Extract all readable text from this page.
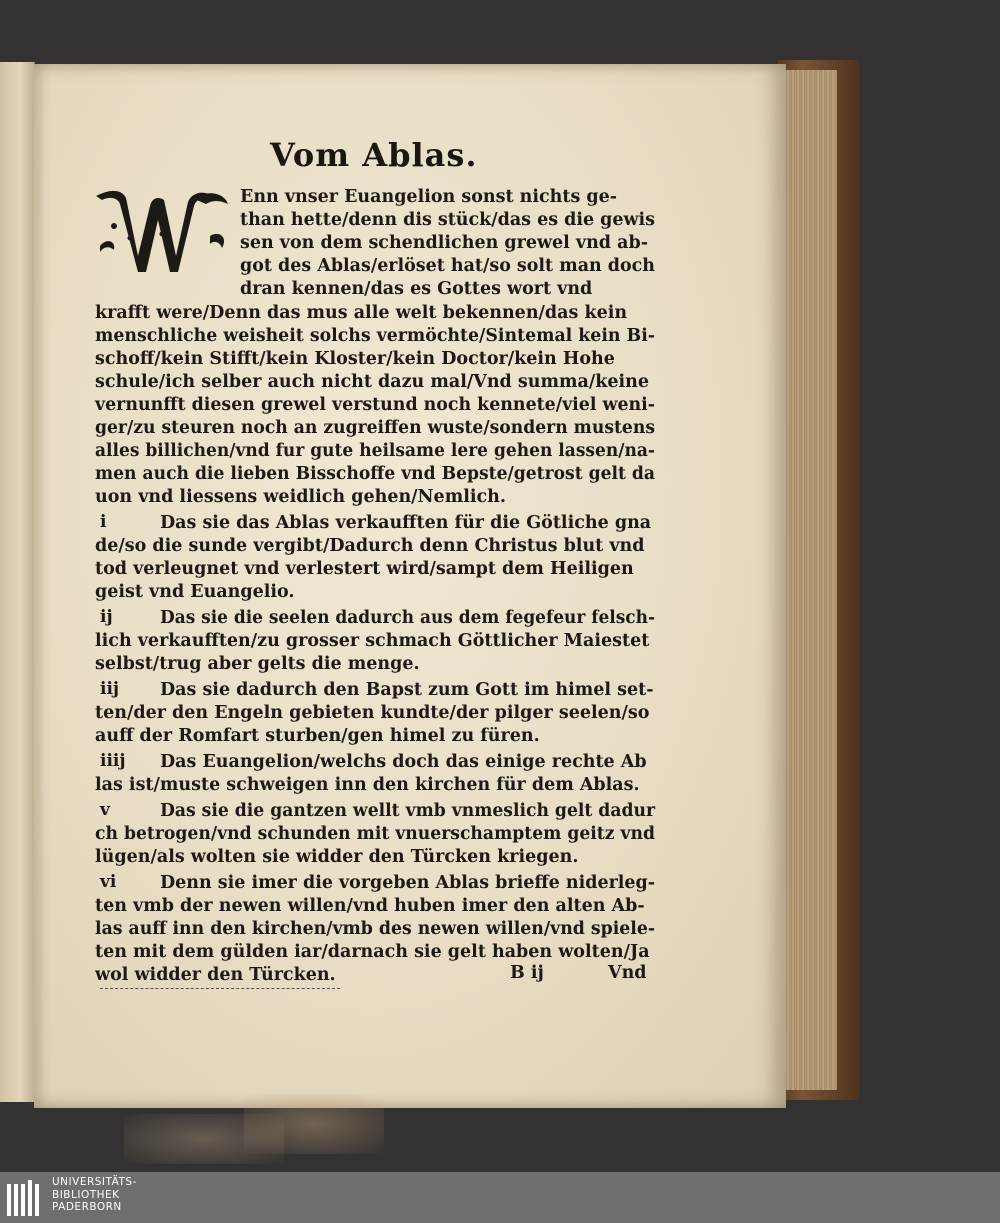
Vom Ablas.
Enn vnser Euangelion sonst nichts ge-
than hette/denn dis stück/das es die gewis
sen von dem schendlichen grewel vnd ab-
got des Ablas/erlöset hat/so solt man doch
dran kennen/das es Gottes wort vnd
krafft were/Denn das mus alle welt bekennen/das kein
menschliche weisheit solchs vermöchte/Sintemal kein Bi-
schoff/kein Stifft/kein Kloster/kein Doctor/kein Hohe
schule/ich selber auch nicht dazu mal/Vnd summa/keine
vernunfft diesen grewel verstund noch kennete/viel weni-
ger/zu steuren noch an zugreiffen wuste/sondern mustens
alles billichen/vnd fur gute heilsame lere gehen lassen/na-
men auch die lieben Bisschoffe vnd Bepste/getrost gelt da
uon vnd liessens weidlich gehen/Nemlich.
i	Das sie das Ablas verkaufften für die Götliche gna
de/so die sunde vergibt/Dadurch denn Christus blut vnd
tod verleugnet vnd verlestert wird/sampt dem Heiligen
geist vnd Euangelio.
ij	Das sie die seelen dadurch aus dem fegefeur felsch-
lich verkaufften/zu grosser schmach Göttlicher Maiestet
selbst/trug aber gelts die menge.
iij Das sie dadurch den Bapst zum Gott im himel set-
ten/der den Engeln gebieten kundte/der pilger seelen/so
auff der Romfart sturben/gen himel zu füren.
iiij Das Euangelion/welchs doch das einige rechte Ab
las ist/muste schweigen inn den kirchen für dem Ablas.
v	Das sie die gantzen wellt vmb vnmeslich gelt dadur
ch betrogen/vnd schunden mit vnuerschamptem geitz vnd
lügen/als wolten sie widder den Türcken kriegen.
vi Denn sie imer die vorgeben Ablas brieffe niderleg-
ten vmb der newen willen/vnd huben imer den alten Ab-
las auff inn den kirchen/vmb des newen willen/vnd spiele-
ten mit dem gülden iar/darnach sie gelt haben wolten/Ja
wol widder den Türcken.	B ij	Vnd
UNIVERSITÄTS-
BIBLIOTHEK
PADERBORN
